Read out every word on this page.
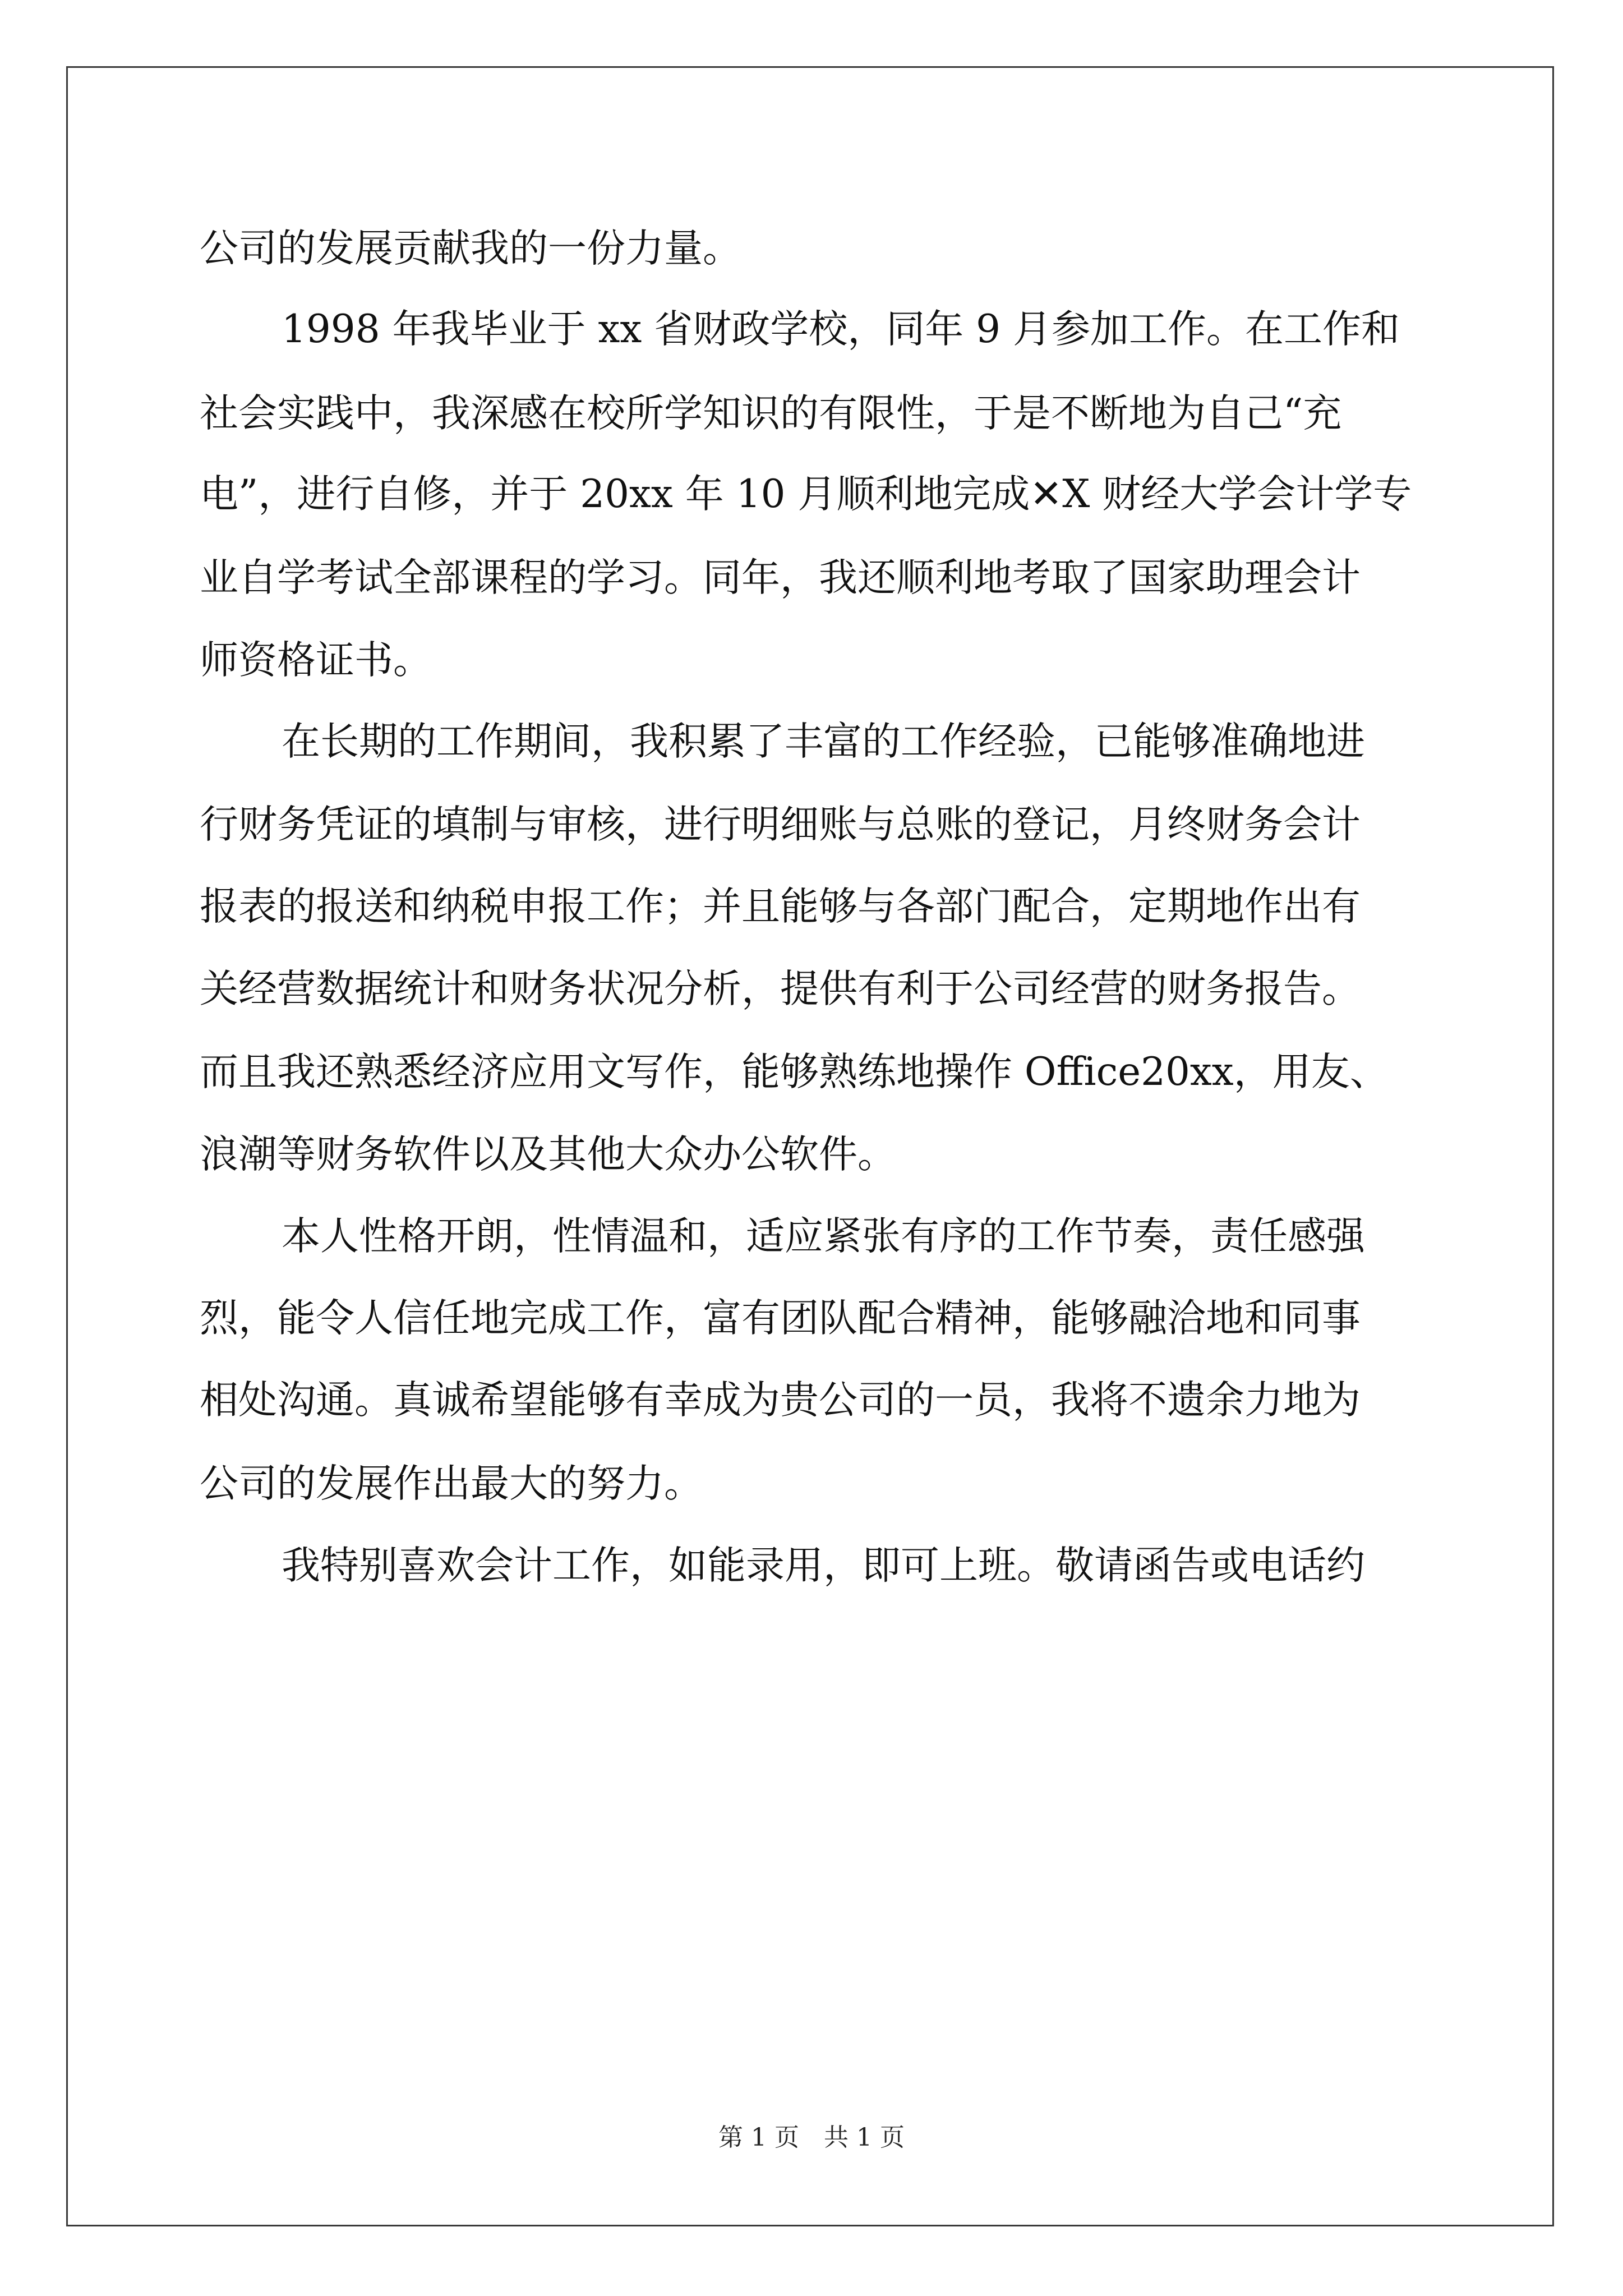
公司的发展贡献我的一份力量。
1998 年我毕业于 xx 省财政学校，同年 9 月参加工作。在工作和
社会实践中，我深感在校所学知识的有限性，于是不断地为自己“充
电”，进行自修，并于 20xx 年 10 月顺利地完成✕X 财经大学会计学专
业自学考试全部课程的学习。同年，我还顺利地考取了国家助理会计
师资格证书。
在长期的工作期间，我积累了丰富的工作经验，已能够准确地进
行财务凭证的填制与审核，进行明细账与总账的登记，月终财务会计
报表的报送和纳税申报工作；并且能够与各部门配合，定期地作出有
关经营数据统计和财务状况分析，提供有利于公司经营的财务报告。
而且我还熟悉经济应用文写作，能够熟练地操作 Office20xx，用友、
浪潮等财务软件以及其他大众办公软件。
本人性格开朗，性情温和，适应紧张有序的工作节奏，责任感强
烈，能令人信任地完成工作，富有团队配合精神，能够融洽地和同事
相处沟通。真诚希望能够有幸成为贵公司的一员，我将不遗余力地为
公司的发展作出最大的努力。
我特别喜欢会计工作，如能录用，即可上班。敬请函告或电话约
第 1 页　共 1 页
